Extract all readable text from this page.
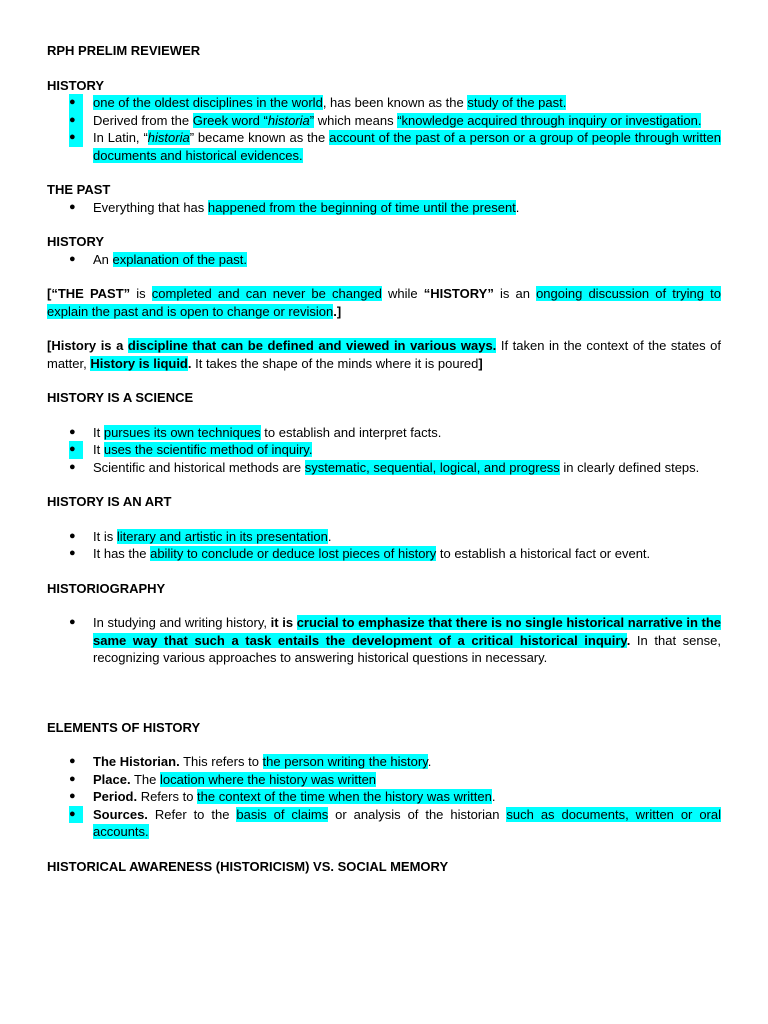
RPH PRELIM REVIEWER

HISTORY

●	one of the oldest disciplines in the world, has been known as the study of the past.
●	Derived from the Greek word “historia” which means “knowledge acquired through inquiry or investigation.
●	In Latin, “historia” became known as the account of the past of a person or a group of people through written documents and historical evidences.

THE PAST

●	Everything that has happened from the beginning of time until the present.

HISTORY

●	An explanation of the past.

[“THE PAST” is completed and can never be changed while “HISTORY” is an ongoing discussion of trying to explain the past and is open to change or revision.]

[History is a discipline that can be defined and viewed in various ways. If taken in the context of the states of matter, History is liquid. It takes the shape of the minds where it is poured]

HISTORY IS A SCIENCE

●	It pursues its own techniques to establish and interpret facts.
●	It uses the scientific method of inquiry.
●	Scientific and historical methods are systematic, sequential, logical, and progress in clearly defined steps.

HISTORY IS AN ART

●	It is literary and artistic in its presentation.
●	It has the ability to conclude or deduce lost pieces of history to establish a historical fact or event.

HISTORIOGRAPHY

●	In studying and writing history, it is crucial to emphasize that there is no single historical narrative in the same way that such a task entails the development of a critical historical inquiry. In that sense, recognizing various approaches to answering historical questions in necessary.

ELEMENTS OF HISTORY

●	The Historian. This refers to the person writing the history.
●	Place. The location where the history was written
●	Period. Refers to the context of the time when the history was written.
●	Sources. Refer to the basis of claims or analysis of the historian such as documents, written or oral accounts.

HISTORICAL AWARENESS (HISTORICISM) VS. SOCIAL MEMORY
